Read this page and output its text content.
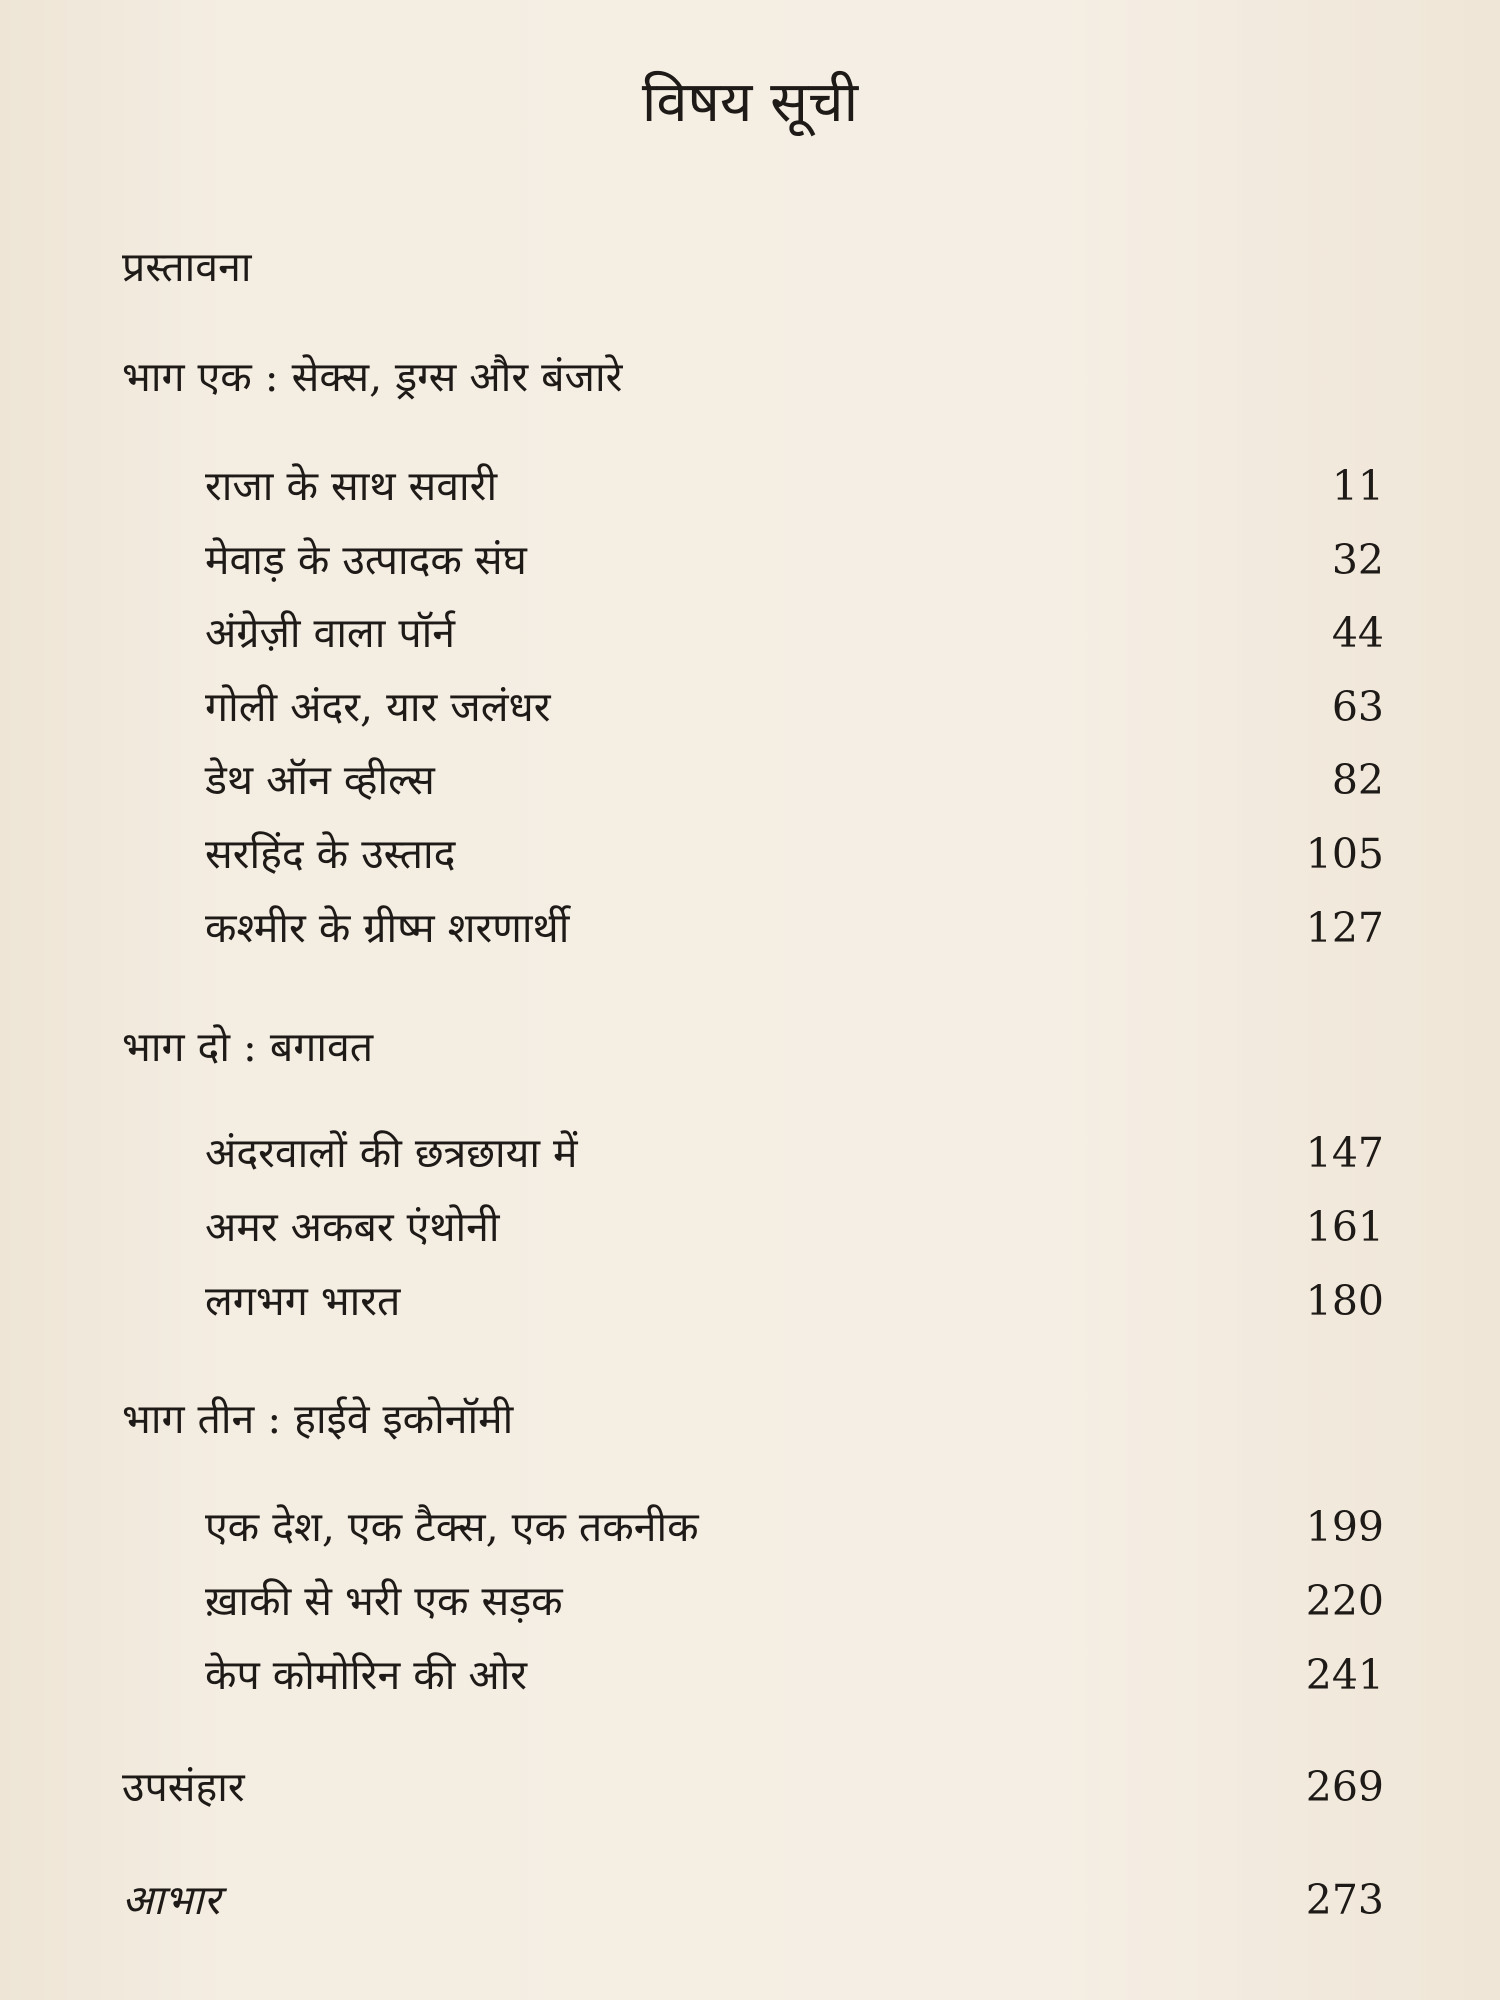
विषय सूची
प्रस्तावना
भाग एक : सेक्स, ड्रग्स और बंजारे
राजा के साथ सवारी	11
मेवाड़ के उत्पादक संघ	32
अंग्रेज़ी वाला पॉर्न	44
गोली अंदर, यार जलंधर	63
डेथ ऑन व्हील्स	82
सरहिंद के उस्ताद	105
कश्मीर के ग्रीष्म शरणार्थी	127
भाग दो : बगावत
अंदरवालों की छत्रछाया में	147
अमर अकबर एंथोनी	161
लगभग भारत	180
भाग तीन : हाईवे इकोनॉमी
एक देश, एक टैक्स, एक तकनीक	199
ख़ाकी से भरी एक सड़क	220
केप कोमोरिन की ओर	241
उपसंहार	269
आभार	273
